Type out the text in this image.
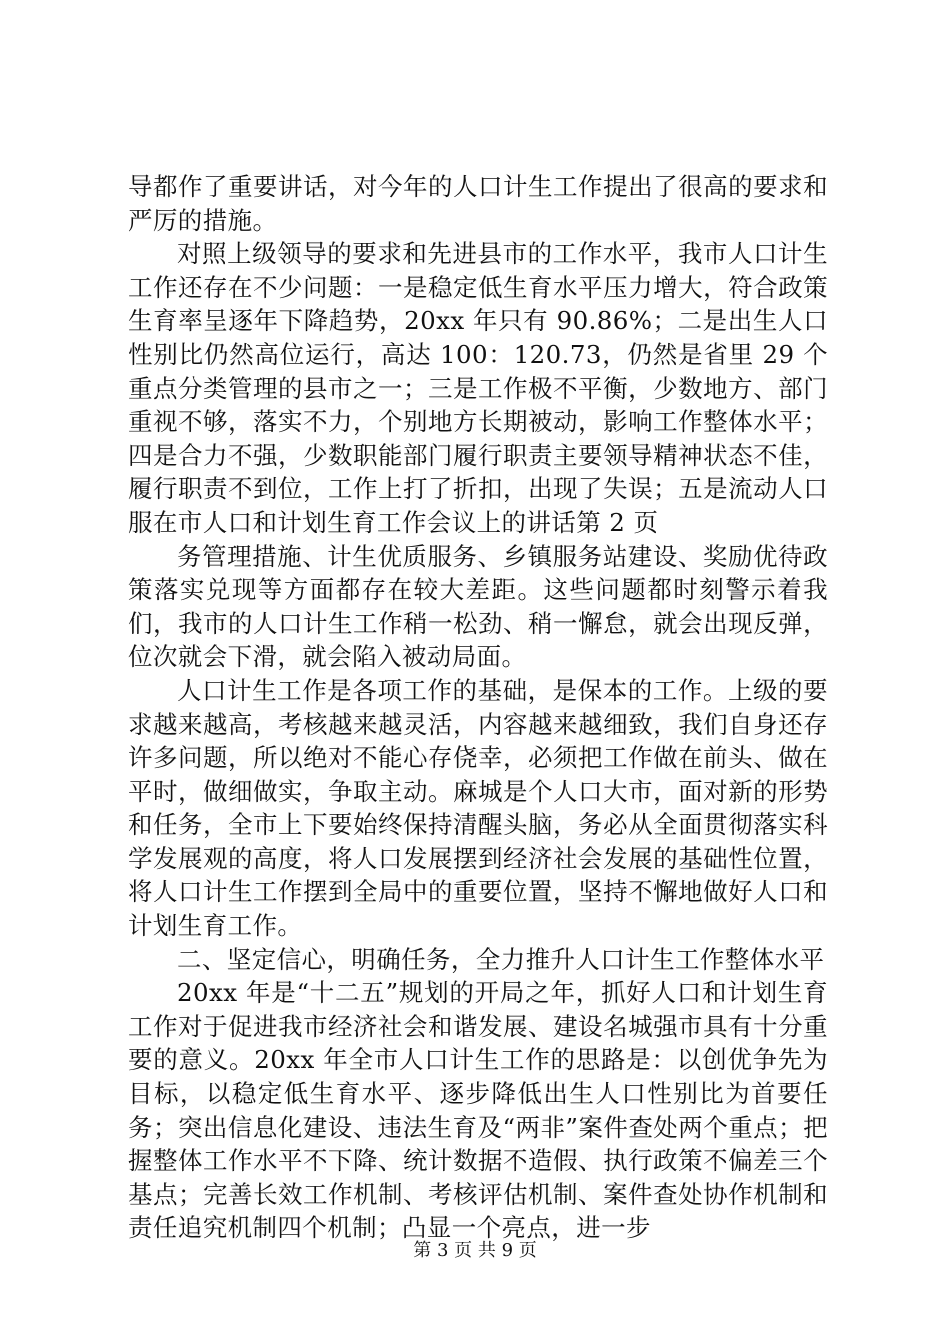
导都作了重要讲话，对今年的人口计生工作提出了很高的要求和严厉的措施。

对照上级领导的要求和先进县市的工作水平，我市人口计生工作还存在不少问题：一是稳定低生育水平压力增大，符合政策生育率呈逐年下降趋势，20xx 年只有 90.86%；二是出生人口性别比仍然高位运行，高达 100：120.73，仍然是省里 29 个重点分类管理的县市之一；三是工作极不平衡，少数地方、部门重视不够，落实不力，个别地方长期被动，影响工作整体水平；四是合力不强，少数职能部门履行职责主要领导精神状态不佳，履行职责不到位，工作上打了折扣，出现了失误；五是流动人口服在市人口和计划生育工作会议上的讲话第 2 页

务管理措施、计生优质服务、乡镇服务站建设、奖励优待政策落实兑现等方面都存在较大差距。这些问题都时刻警示着我们，我市的人口计生工作稍一松劲、稍一懈怠，就会出现反弹，位次就会下滑，就会陷入被动局面。

人口计生工作是各项工作的基础，是保本的工作。上级的要求越来越高，考核越来越灵活，内容越来越细致，我们自身还存许多问题，所以绝对不能心存侥幸，必须把工作做在前头、做在平时，做细做实，争取主动。麻城是个人口大市，面对新的形势和任务，全市上下要始终保持清醒头脑，务必从全面贯彻落实科学发展观的高度，将人口发展摆到经济社会发展的基础性位置，将人口计生工作摆到全局中的重要位置，坚持不懈地做好人口和计划生育工作。

二、坚定信心，明确任务，全力推升人口计生工作整体水平

20xx 年是“十二五”规划的开局之年，抓好人口和计划生育工作对于促进我市经济社会和谐发展、建设名城强市具有十分重要的意义。20xx 年全市人口计生工作的思路是：以创优争先为目标，以稳定低生育水平、逐步降低出生人口性别比为首要任务；突出信息化建设、违法生育及“两非”案件查处两个重点；把握整体工作水平不下降、统计数据不造假、执行政策不偏差三个基点；完善长效工作机制、考核评估机制、案件查处协作机制和责任追究机制四个机制；凸显一个亮点，进一步

第 3 页 共 9 页
